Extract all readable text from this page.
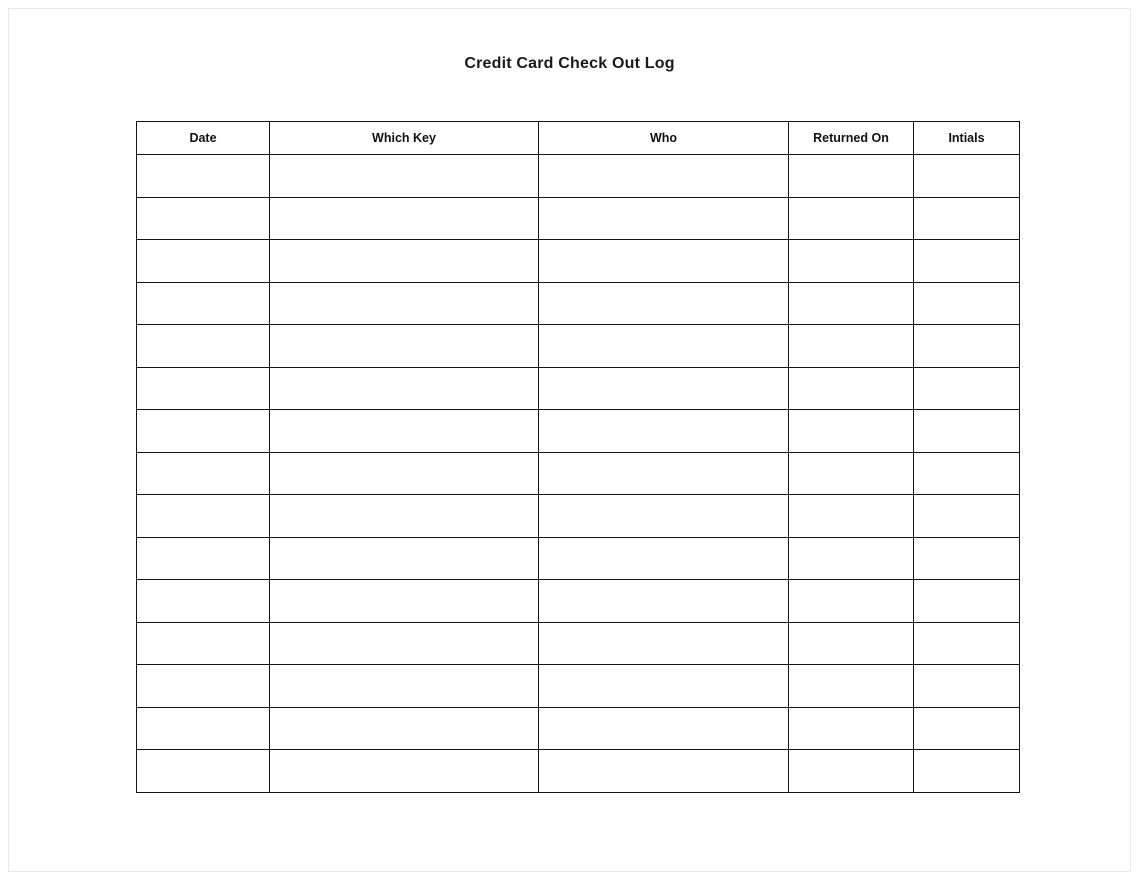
Credit Card Check Out Log
Date	Which Key	Who	Returned On	Intials
